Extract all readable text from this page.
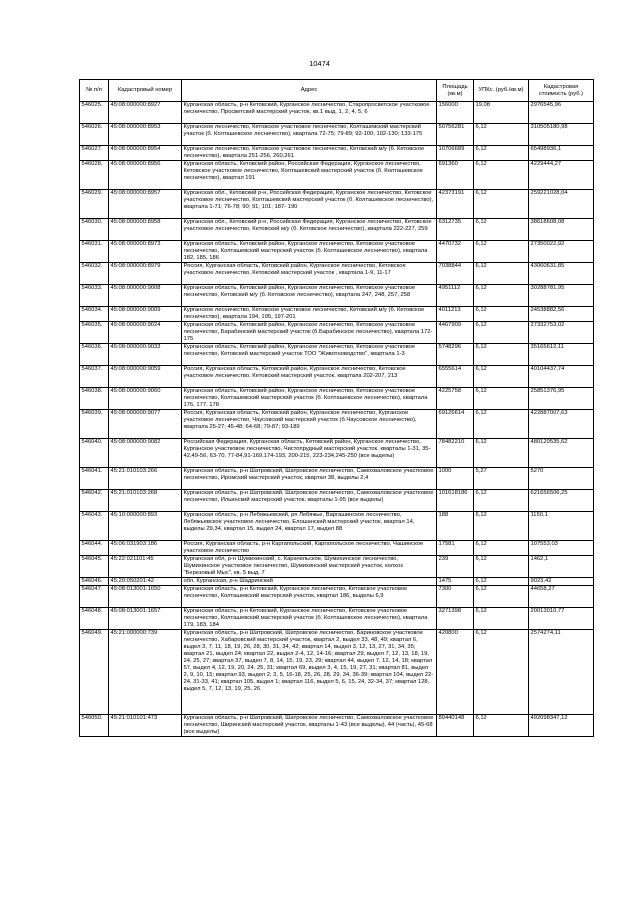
10474
№ п/п	Кадастровый номер	Адрес	Площадь (кв.м)	УПКс. (руб./кв.м)	Кадастровая стоимость (руб.)
546025.	45:08:000000:8927	Курганская область, р-н Кетовский, Курганское лесничество, Старопросветское участковое лесничество, Просветский мастерский участок, кв.1 выд. 1, 2, 4, 5, 6	156000	19,08	2976545,96
546026.	45:08:000000:8953	Курганское лесничество, Кетовское участковое лесничество, Колташевский мастерский участок (б. Колташевское лесничество), квартала 72-75; 79-89; 92-100; 102-130; 133-175	50756281	6,12	310505180,98
546027.	45:08:000000:8954	Курганское лесничество, Кетовское участковое лесничество, Кетовский м/у (б. Кетовское лесничество), квартала 251-256, 260,261	10706689	6,12	65498936,1
546028.	45:08:000000:8956	Курганская область, Кетовский район, Российская Федерация, Курганское лесничество, Кетовское участковое лесничество, Колташевский мастерский участок (б. Колташевское лесничество), квартал 191	691360	6,12	4229444,27
546029.	45:08:000000:8957	Курганская обл., Кетовский р-н, Российская Федерация, Курганское лесничество, Кетовское участковое лесничество, Колташевский мастерский участок (б. Колташевское лесничество), квартала 1-71; 76-78; 90; 91; 101; 187- 190	42373191	6,12	259221028,04
546030.	45:08:000000:8958	Курганская обл., Кетовский р-н, Российская Федерация, Курганское лесничество, Кетовское участковое лесничество, Кетовский м/у (б. Кетовское лесничество), квартала 222-227, 259	6312735	6,12	38618608,08
546031.	45:08:000000:8973	Курганская область, Кетовский район, Курганское лесничество, Кетовское участковое лесничество, Колташевский мастерский участок (б. Колташевское лесничество), квартала 182, 185, 186	4470732	6,12	27350022,92
546032.	45:08:000000:8979	Россия, Курганская область, Кетовский район, Курганское лесничество, Кетовское участковое лесничество, Кетовский мастерский участок , квартала 1-9, 11-17	7038844	6,12	43060631,85
546033.	45:08:000000:9008	Курганская область, Кетовский район, Курганское лесничество, Кетовское участковое лесничество, Кетовский м/у (б. Кетовское лесничество), квартала 247, 248, 257, 258	4951112	6,12	30288781,95
546034.	45:08:000000:9009	Курганское лесничество, Кетовское участковое лесничество, Кетовский м/у (б. Кетовское лесничество), квартала 194, 195, 197-201	4011213	6,12	24538882,56
546035.	45:08:000000:9024	Курганская область, Кетовский район, Курганское лесничество, Кетовское участковое лесничество, Барабинский мастерский участок (б.Барабинское лесничество), квартала 172-175	4467909	6,12	27332753,02
546036.	45:08:000000:9033	Курганская область, Кетовский район, Курганское лесничество, Кетовское участковое лесничество, Кетовский мастерский участок ТОО "Животноводство", квартала 1-3	5748296	6,12	35165612,11
546037.	45:08:000000:9059	Россия, Курганская область, Кетовский район, Курганское лесничество, Кетовское участковое лесничество, Кетовский мастерский участок, квартала 202-207, 213	6555614	6,12	40104437,74
546038.	45:08:000000:9060	Курганская область, Кетовский район, Курганское лесничество, Кетовское участковое лесничество, Колташевский мастерский участок (б. Колташевское лесничество), квартала 176, 177, 178	4225758	6,12	25851376,95
546039.	45:08:000000:9077	Россия, Курганская область, Кетовский район, Курганское лесничество, Курганское участковое лесничество, Чаусовский мастерский участок (б.Чаусовское лесничество), квартала 25-27; 45-48; 64-68; 79-87; 93-189	69126614	6,12	422887007,63
546040.	45:08:000000:9082	Российская Федерация, Курганская область, Кетовский район, Курганское лесничество, Курганское участковое лесничество, Чистопрудный мастерский участок, кварталы 1-31, 35-42,49-56, 63-70, 77-84,91-169,174-193, 200-215, 223-234,245-250 (все выделы)	78482210	6,12	480120535,62
546041.	45:21:010103:266	Курганская область, р-н Шатровский, Шатровское лесничество, Самохваловское участковое лесничество, Иромский мастерский участок, квартал 38, выделы 2,4	1000	5,27	5270
546042.	45:21:010103:268	Курганская область, р-н Шатровский, Шатровское лесничество, Самохваловское участковое лесничество, Ильинский мастерский участок, кварталы 1-95 (все выделы)	101618186	6,12	621656506,25
546043.	45:10:000000:893	Курганская область, р-н Лебяжьевский, рп Лебяжье, Варгашинское лесничество, Лебяжьевское участковое лесничество, Елошанский мастерский участок, квартал 14, выделы 29,34, квартал 15, выдел 24, квартал 17, выдел 88	188	6,12	1150,1
546044.	45:06:031903:186	Россия, Курганская область, р-н Каргапольский, Каргапольское лесничество, Чашинское участковое лесничество	17581	6,12	107553,03
546045.	45:22:021101:45	Курганская обл, р-н Шумихинский, с. Карачельское, Шумихинское лесничество, Шумихинское участковое лесничество, Шумихинский мастерский участок, колхоз "Березовый Мыс", кв. 5 выд. 7	239	6,12	1462,1
546046.	45:20:050201:42	обл. Курганская, р-н Шадринский	1475	6,12	9023,42
546047.	45:08:013001:1650	Курганская область, р-н Кетовский, Курганское лесничество, Кетовское участковое лесничество, Колташевский мастерский участок, квартал 186, выделы 6,9	7300	6,12	44658,27
546048.	45:08:013001:1657	Курганская область, р-н Кетовский, Курганское лесничество, Кетовское участковое лесничество, Колташевский мастерский участок (б. Колташевское лесничество), квартала 179, 183, 184	3271398	6,12	20013010,77
546049.	45:21:000000:739	Курганская область, р-н Шатровский, Шатровское лесничество, Бариновское участковое лесничество, Хабаровский мастерский участок, квартал 2, выдел 33, 48, 49; квартал 6, выдел 3, 7, 11, 18, 19, 26, 28, 30, 31, 34, 42; квартал 14, выдел 3, 12, 13, 27, 31, 34, 35; квартал 21, выдел 24; квартал 22, выдел 2-4, 12, 14-16; квартал 29, выдел 7, 12, 13, 18, 19, 24, 25, 27; квартал 37, выдел 7, 8, 14, 15, 19, 23, 29; квартал 44, выдел 7, 12, 14, 18; квартал 57, выдел 4, 12, 19, 20, 24, 25, 31; квартал 69, выдел 3, 4, 15, 19, 27, 31; квартал 81, выдел 2, 9, 10, 15; квартал 93, выдел 2, 3, 5, 16-18, 25, 26, 28, 29, 34, 36-39; квартал 104, выдел 22-24, 31-33, 41; квартал 105, выдел 1; квартал 116, выдел 5, 6, 15, 24, 32-34, 37; квартал 128, выдел 5, 7, 12, 13, 19, 25, 26	420800	6,12	2574274,11
546050.	45:21:010101:473	Курганская область, р-н Шатровский, Шатровское лесничество, Самохваловское участковое лесничество, Ширинский мастерский участок, кварталы 1-43 (все выделы), 44 (часть), 45-68 (все выделы)	80440148	6,12	492098347,12
